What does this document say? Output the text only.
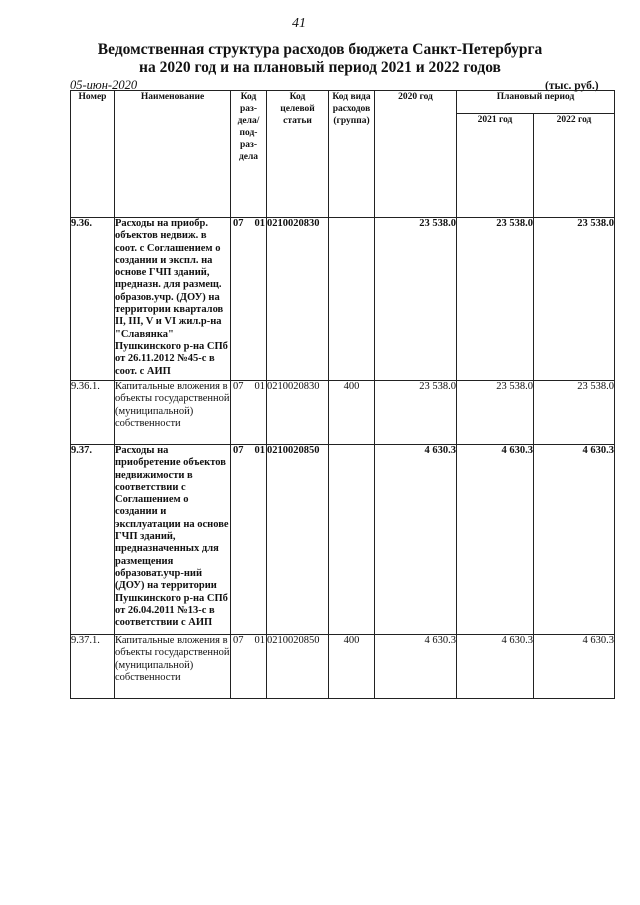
41
Ведомственная структура расходов бюджета Санкт-Петербурга
на 2020 год и на плановый период 2021 и 2022 годов
05-июн-2020	(тыс. руб.)
Номер	Наименование	Код раз-дела/ под-раз-дела	Код целевой статьи	Код вида расходов (группа)	2020 год	Плановый период	
						2021 год	2022 год
9.36.	Расходы на приобр. объектов недвиж. в соот. с Соглашением о создании и экспл. на основе ГЧП зданий, предназн. для размещ. образов.учр. (ДОУ) на территории кварталов II, III, V и VI жил.р-на "Славянка" Пушкинского р-на СПб от 26.11.2012 №45-с в соот. с АИП	07 01	0210020830		23 538.0	23 538.0	23 538.0
9.36.1.	Капитальные вложения в объекты государственной (муниципальной) собственности	07 01	0210020830	400	23 538.0	23 538.0	23 538.0
9.37.	Расходы на приобретение объектов недвижимости в соответствии с Соглашением о создании и эксплуатации на основе ГЧП зданий, предназначенных для размещения образоват.учр-ний (ДОУ) на территории Пушкинского р-на СПб от 26.04.2011 №13-с в соответствии с АИП	07 01	0210020850		4 630.3	4 630.3	4 630.3
9.37.1.	Капитальные вложения в объекты государственной (муниципальной) собственности	07 01	0210020850	400	4 630.3	4 630.3	4 630.3
